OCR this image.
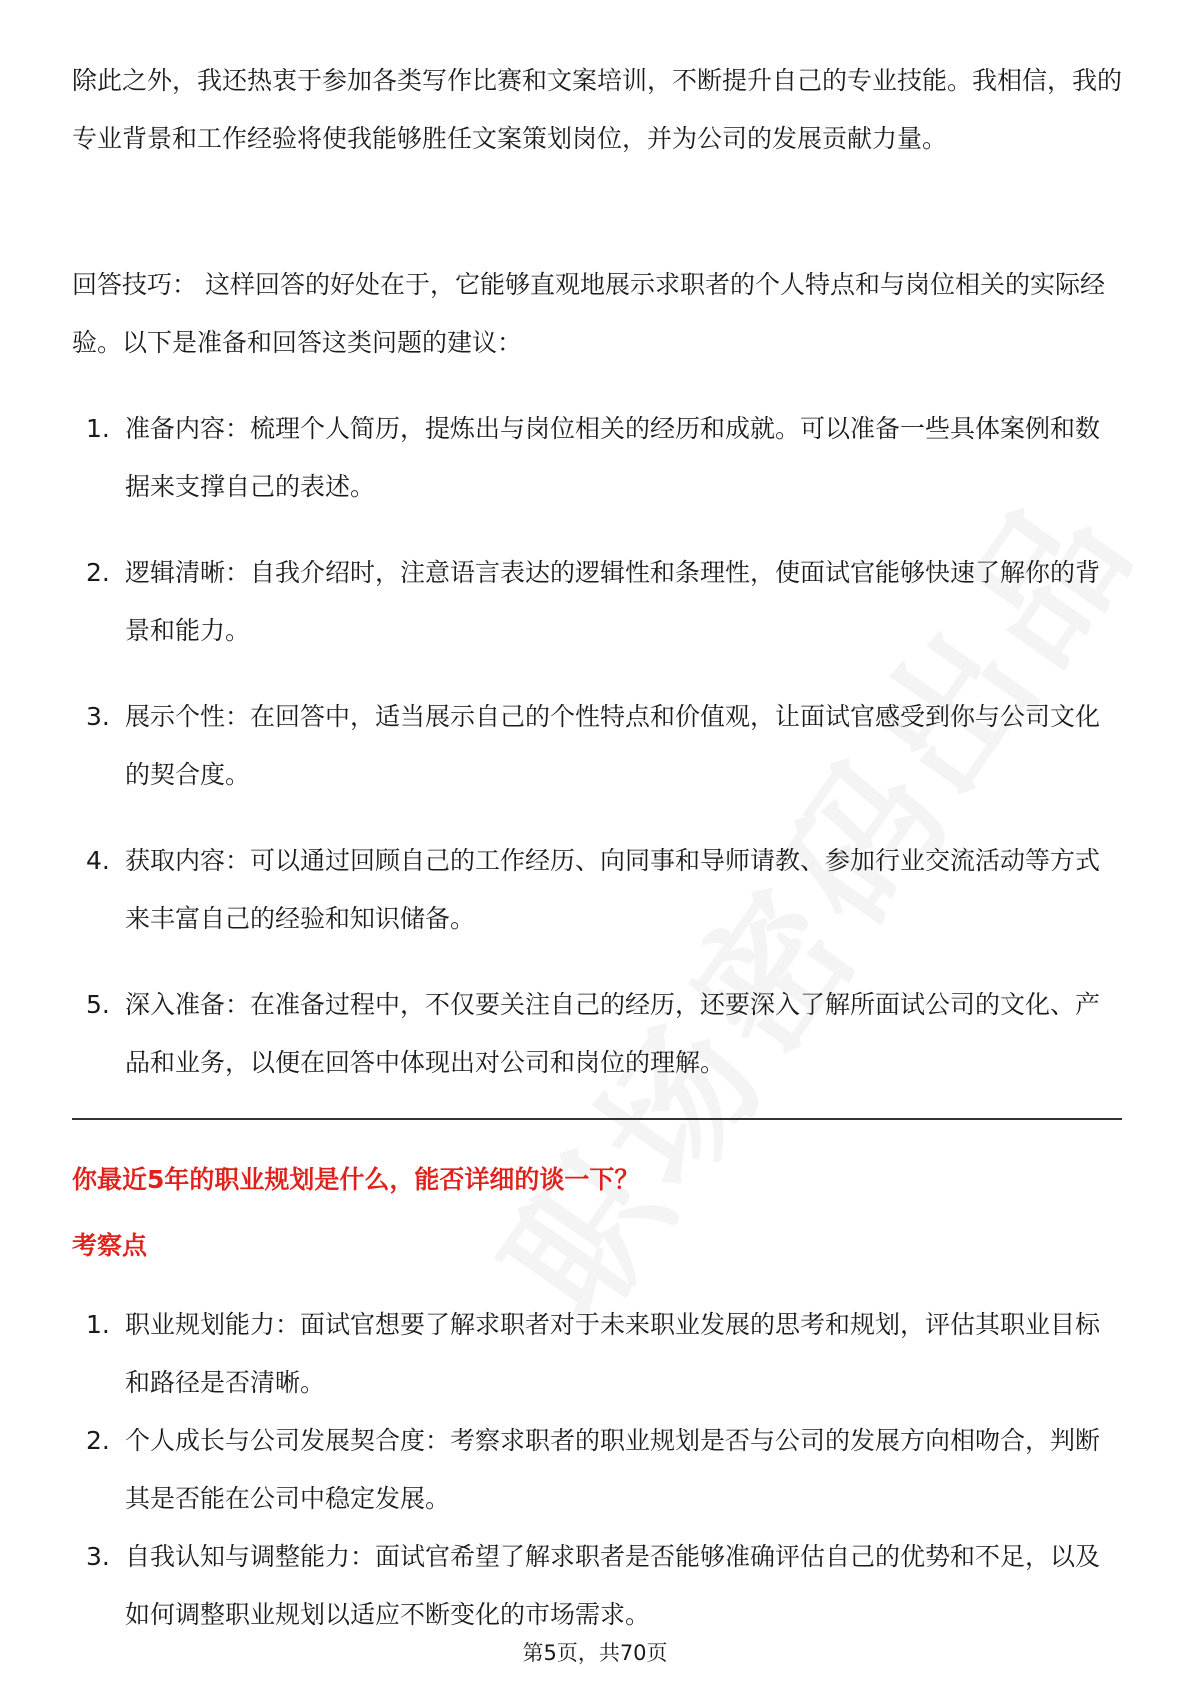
除此之外，我还热衷于参加各类写作比赛和文案培训，不断提升自己的专业技能。我相信，我的专业背景和工作经验将使我能够胜任文案策划岗位，并为公司的发展贡献力量。

回答技巧： 这样回答的好处在于，它能够直观地展示求职者的个人特点和与岗位相关的实际经验。以下是准备和回答这类问题的建议：

1. 准备内容：梳理个人简历，提炼出与岗位相关的经历和成就。可以准备一些具体案例和数据来支撑自己的表述。
2. 逻辑清晰：自我介绍时，注意语言表达的逻辑性和条理性，使面试官能够快速了解你的背景和能力。
3. 展示个性：在回答中，适当展示自己的个性特点和价值观，让面试官感受到你与公司文化的契合度。
4. 获取内容：可以通过回顾自己的工作经历、向同事和导师请教、参加行业交流活动等方式来丰富自己的经验和知识储备。
5. 深入准备：在准备过程中，不仅要关注自己的经历，还要深入了解所面试公司的文化、产品和业务，以便在回答中体现出对公司和岗位的理解。
你最近5年的职业规划是什么，能否详细的谈一下？
考察点
1. 职业规划能力：面试官想要了解求职者对于未来职业发展的思考和规划，评估其职业目标和路径是否清晰。
2. 个人成长与公司发展契合度：考察求职者的职业规划是否与公司的发展方向相吻合，判断其是否能在公司中稳定发展。
3. 自我认知与调整能力：面试官希望了解求职者是否能够准确评估自己的优势和不足，以及如何调整职业规划以适应不断变化的市场需求。
第5页，共70页
